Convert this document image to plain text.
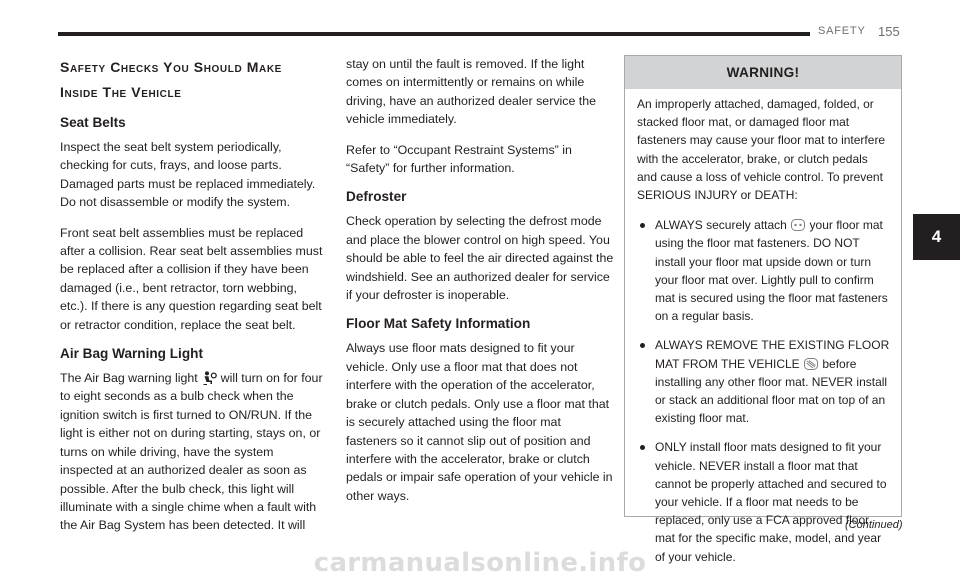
SAFETY 155
4
Safety Checks You Should Make
Inside The Vehicle
Seat Belts

Inspect the seat belt system periodically, checking for cuts, frays, and loose parts. Damaged parts must be replaced immediately. Do not disassemble or modify the system.

Front seat belt assemblies must be replaced after a collision. Rear seat belt assemblies must be replaced after a collision if they have been damaged (i.e., bent retractor, torn webbing, etc.). If there is any question regarding seat belt or retractor condition, replace the seat belt.

Air Bag Warning Light

The Air Bag warning light will turn on for four to eight seconds as a bulb check when the ignition switch is first turned to ON/RUN. If the light is either not on during starting, stays on, or turns on while driving, have the system inspected at an authorized dealer as soon as possible. After the bulb check, this light will illuminate with a single chime when a fault with the Air Bag System has been detected. It will

stay on until the fault is removed. If the light comes on intermittently or remains on while driving, have an authorized dealer service the vehicle immediately.

Refer to “Occupant Restraint Systems” in “Safety” for further information.

Defroster

Check operation by selecting the defrost mode and place the blower control on high speed. You should be able to feel the air directed against the windshield. See an authorized dealer for service if your defroster is inoperable.

Floor Mat Safety Information

Always use floor mats designed to fit your vehicle. Only use a floor mat that does not interfere with the operation of the accelerator, brake or clutch pedals. Only use a floor mat that is securely attached using the floor mat fasteners so it cannot slip out of position and interfere with the accelerator, brake or clutch pedals or impair safe operation of your vehicle in other ways.

WARNING!

An improperly attached, damaged, folded, or stacked floor mat, or damaged floor mat fasteners may cause your floor mat to interfere with the accelerator, brake, or clutch pedals and cause a loss of vehicle control. To prevent SERIOUS INJURY or DEATH:

ALWAYS securely attach your floor mat using the floor mat fasteners. DO NOT install your floor mat upside down or turn your floor mat over. Lightly pull to confirm mat is secured using the floor mat fasteners on a regular basis.
ALWAYS REMOVE THE EXISTING FLOOR MAT FROM THE VEHICLE before installing any other floor mat. NEVER install or stack an additional floor mat on top of an existing floor mat.
ONLY install floor mats designed to fit your vehicle. NEVER install a floor mat that cannot be properly attached and secured to your vehicle. If a floor mat needs to be replaced, only use a FCA approved floor mat for the specific make, model, and year of your vehicle.
(Continued)
carmanualsonline.info
